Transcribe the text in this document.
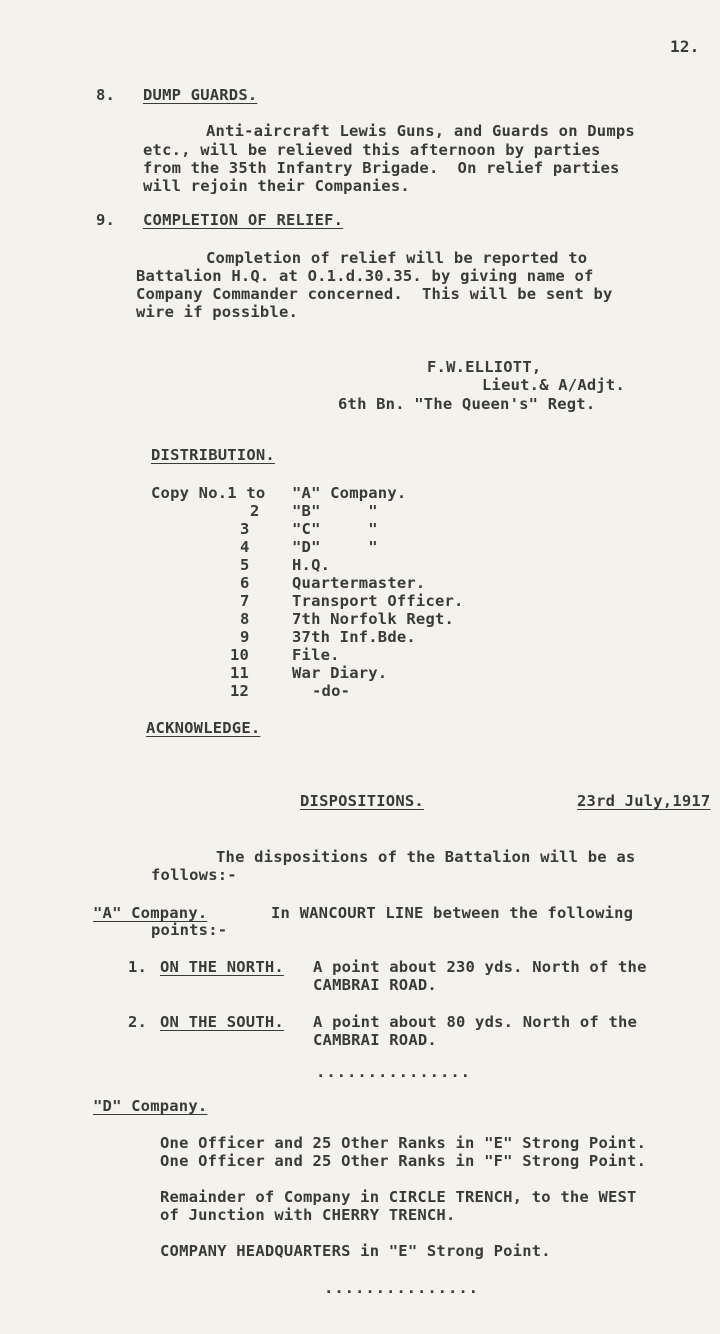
12.
8. DUMP GUARDS.
Anti-aircraft Lewis Guns, and Guards on Dumps
etc., will be relieved this afternoon by parties
from the 35th Infantry Brigade.  On relief parties
will rejoin their Companies.
9. COMPLETION OF RELIEF.
Completion of relief will be reported to
Battalion H.Q. at O.1.d.30.35. by giving name of
Company Commander concerned.  This will be sent by
wire if possible.
F.W.ELLIOTT,
Lieut.& A/Adjt.
6th Bn. "The Queen's" Regt.
DISTRIBUTION.
Copy No.1 to "A" Company.
2 "B"     "
3	"C"     "
4	"D"     "
5	H.Q.
6	Quartermaster.
7	Transport Officer.
8	7th Norfolk Regt.
9	37th Inf.Bde.
10	File.
11	War Diary.
12	-do-
ACKNOWLEDGE.
DISPOSITIONS.	23rd July,1917
The dispositions of the Battalion will be as
follows:-
"A" Company.	In WANCOURT LINE between the following
points:-
1. ON THE NORTH. A point about 230 yds. North of the
CAMBRAI ROAD.
2. ON THE SOUTH. A point about 80 yds. North of the
CAMBRAI ROAD.
...............
"D" Company.
One Officer and 25 Other Ranks in "E" Strong Point.
One Officer and 25 Other Ranks in "F" Strong Point.
Remainder of Company in CIRCLE TRENCH, to the WEST
of Junction with CHERRY TRENCH.
COMPANY HEADQUARTERS in "E" Strong Point.
...............
